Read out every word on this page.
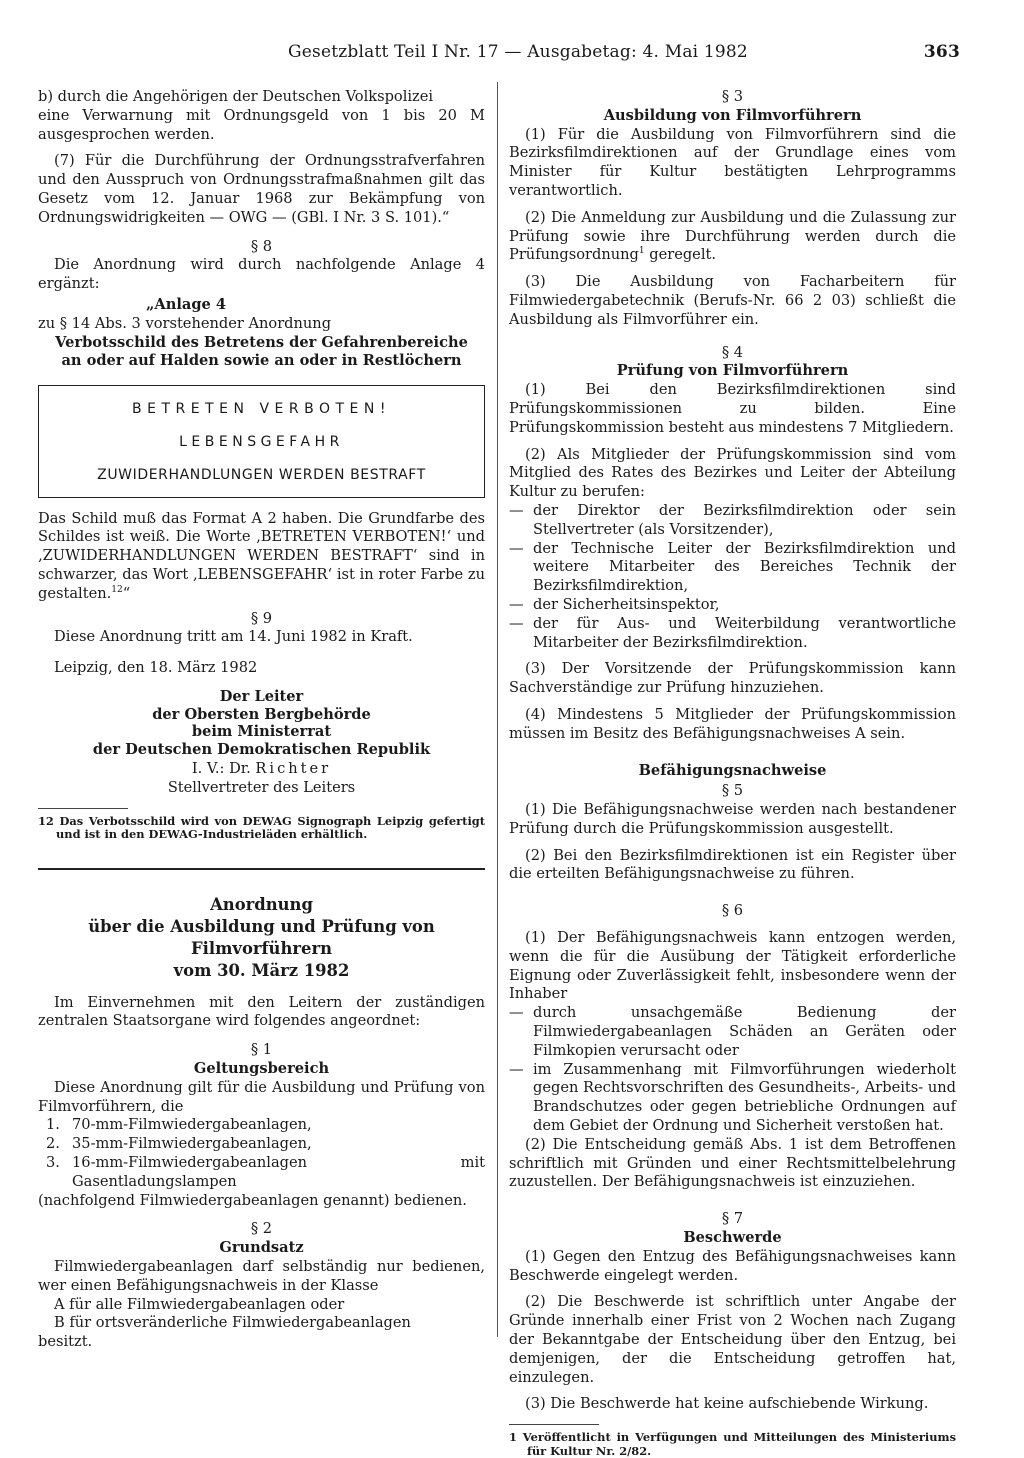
Gesetzblatt Teil I Nr. 17 — Ausgabetag: 4. Mai 1982	363

b) durch die Angehörigen der Deutschen Volkspolizei

eine Verwarnung mit Ordnungsgeld von 1 bis 20 M ausgesprochen werden.

(7) Für die Durchführung der Ordnungsstrafverfahren und den Ausspruch von Ordnungsstrafmaßnahmen gilt das Gesetz vom 12. Januar 1968 zur Bekämpfung von Ordnungswidrigkeiten — OWG — (GBl. I Nr. 3 S. 101).“

§ 8

Die Anordnung wird durch nachfolgende Anlage 4 ergänzt:

„Anlage 4

zu § 14 Abs. 3 vorstehender Anordnung

Verbotsschild des Betretens der Gefahrenbereiche

an oder auf Halden sowie an oder in Restlöchern

BETRETEN VERBOTEN!
LEBENSGEFAHR
ZUWIDERHANDLUNGEN WERDEN BESTRAFT

Das Schild muß das Format A 2 haben. Die Grundfarbe des Schildes ist weiß. Die Worte ‚BETRETEN VERBOTEN!‘ und ‚ZUWIDERHANDLUNGEN WERDEN BESTRAFT‘ sind in schwarzer, das Wort ‚LEBENSGEFAHR‘ ist in roter Farbe zu gestalten.$^{12}$“

§ 9

Diese Anordnung tritt am 14. Juni 1982 in Kraft.

Leipzig, den 18. März 1982

Der Leiter

der Obersten Bergbehörde

beim Ministerrat

der Deutschen Demokratischen Republik

I. V.: Dr. Richter

Stellvertreter des Leiters

12 Das Verbotsschild wird von DEWAG Signograph Leipzig gefertigt und ist in den DEWAG-Industrieläden erhältlich.

Anordnung

über die Ausbildung und Prüfung von Filmvorführern

vom 30. März 1982

Im Einvernehmen mit den Leitern der zuständigen zentralen Staatsorgane wird folgendes angeordnet:

§ 1

Geltungsbereich

Diese Anordnung gilt für die Ausbildung und Prüfung von Filmvorführern, die

1. 70-mm-Filmwiedergabeanlagen,
2. 35-mm-Filmwiedergabeanlagen,
3. 16-mm-Filmwiedergabeanlagen mit Gasentladungslampen

(nachfolgend Filmwiedergabeanlagen genannt) bedienen.

§ 2

Grundsatz

Filmwiedergabeanlagen darf selbständig nur bedienen, wer einen Befähigungsnachweis in der Klasse

A für alle Filmwiedergabeanlagen oder

B für ortsveränderliche Filmwiedergabeanlagen

besitzt.

§ 3

Ausbildung von Filmvorführern

(1) Für die Ausbildung von Filmvorführern sind die Bezirksfilmdirektionen auf der Grundlage eines vom Minister für Kultur bestätigten Lehrprogramms verantwortlich.

(2) Die Anmeldung zur Ausbildung und die Zulassung zur Prüfung sowie ihre Durchführung werden durch die Prüfungsordnung$^1$ geregelt.

(3) Die Ausbildung von Facharbeitern für Filmwiedergabetechnik (Berufs-Nr. 66 2 03) schließt die Ausbildung als Filmvorführer ein.

§ 4

Prüfung von Filmvorführern

(1) Bei den Bezirksfilmdirektionen sind Prüfungskommissionen zu bilden. Eine Prüfungskommission besteht aus mindestens 7 Mitgliedern.

(2) Als Mitglieder der Prüfungskommission sind vom Mitglied des Rates des Bezirkes und Leiter der Abteilung Kultur zu berufen:

— der Direktor der Bezirksfilmdirektion oder sein Stellvertreter (als Vorsitzender),
— der Technische Leiter der Bezirksfilmdirektion und weitere Mitarbeiter des Bereiches Technik der Bezirksfilmdirektion,
— der Sicherheitsinspektor,
— der für Aus- und Weiterbildung verantwortliche Mitarbeiter der Bezirksfilmdirektion.

(3) Der Vorsitzende der Prüfungskommission kann Sachverständige zur Prüfung hinzuziehen.

(4) Mindestens 5 Mitglieder der Prüfungskommission müssen im Besitz des Befähigungsnachweises A sein.

Befähigungsnachweise

§ 5

(1) Die Befähigungsnachweise werden nach bestandener Prüfung durch die Prüfungskommission ausgestellt.

(2) Bei den Bezirksfilmdirektionen ist ein Register über die erteilten Befähigungsnachweise zu führen.

§ 6

(1) Der Befähigungsnachweis kann entzogen werden, wenn die für die Ausübung der Tätigkeit erforderliche Eignung oder Zuverlässigkeit fehlt, insbesondere wenn der Inhaber

— durch unsachgemäße Bedienung der Filmwiedergabeanlagen Schäden an Geräten oder Filmkopien verursacht oder
— im Zusammenhang mit Filmvorführungen wiederholt gegen Rechtsvorschriften des Gesundheits-, Arbeits- und Brandschutzes oder gegen betriebliche Ordnungen auf dem Gebiet der Ordnung und Sicherheit verstoßen hat.

(2) Die Entscheidung gemäß Abs. 1 ist dem Betroffenen schriftlich mit Gründen und einer Rechtsmittelbelehrung zuzustellen. Der Befähigungsnachweis ist einzuziehen.

§ 7

Beschwerde

(1) Gegen den Entzug des Befähigungsnachweises kann Beschwerde eingelegt werden.

(2) Die Beschwerde ist schriftlich unter Angabe der Gründe innerhalb einer Frist von 2 Wochen nach Zugang der Bekanntgabe der Entscheidung über den Entzug, bei demjenigen, der die Entscheidung getroffen hat, einzulegen.

(3) Die Beschwerde hat keine aufschiebende Wirkung.

1 Veröffentlicht in Verfügungen und Mitteilungen des Ministeriums für Kultur Nr. 2/82.
